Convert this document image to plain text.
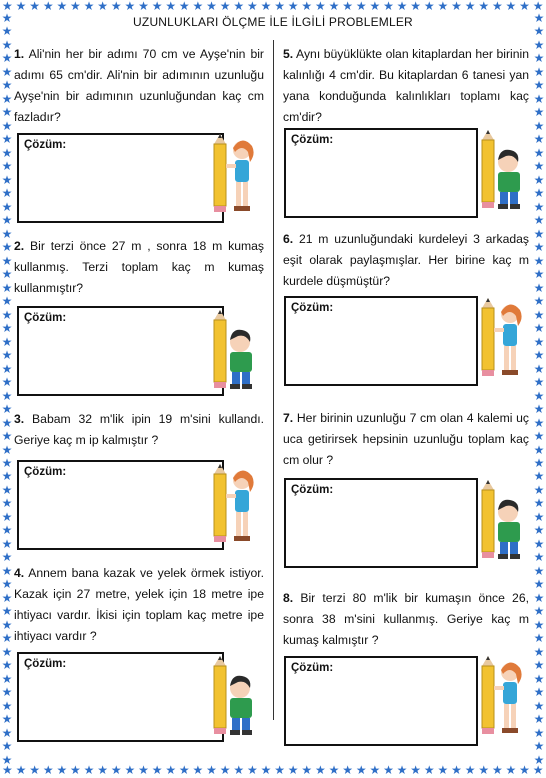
★ ★ ★ ★ ★ ★ ★ ★ ★ ★ ★ ★ ★ ★ ★ ★ ★ ★ ★ ★ ★ ★ ★ ★ ★ ★ ★ ★ ★ ★ ★ ★ ★ ★ ★ ★ ★ ★ ★ ★
★ ★ ★ ★ ★ ★ ★ ★ ★ ★ ★ ★ ★ ★ ★ ★ ★ ★ ★ ★ ★ ★ ★ ★ ★ ★ ★ ★ ★ ★ ★ ★ ★ ★ ★ ★ ★ ★ ★ ★
★
★
★
★
★
★
★
★
★
★
★
★
★
★
★
★
★
★
★
★
★
★
★
★
★
★
★
★
★
★
★
★
★
★
★
★
★
★
★
★
★
★
★
★
★
★
★
★
★
★
★
★
★
★
★
★
★
★
★
★
★
★
★
★
★
★
★
★
★
★
★
★
★
★
★
★
★
★
★
★
★
★
★
★
★
★
★
★
★
★
★
★
★
★
★
★
★
★
★
★
★
★
★
★
★
★
★
★
★
★
★
★
UZUNLUKLARI ÖLÇME İLE İLGİLİ PROBLEMLER
1. Ali'nin her bir adımı 70 cm ve Ayşe'nin bir adımı 65 cm'dir. Ali'nin bir adımının uzunluğu Ayşe'nin bir adımının uzunluğundan kaç cm fazladır?
Çözüm:
2. Bir terzi önce 27 m , sonra 18 m kumaş kullanmış. Terzi toplam kaç m kumaş kullanmıştır?
Çözüm:
3. Babam 32 m'lik ipin 19 m'sini kullandı. Geriye kaç m ip kalmıştır ?
Çözüm:
4. Annem bana kazak ve yelek örmek istiyor. Kazak için 27 metre, yelek için 18 metre ipe ihtiyacı vardır. İkisi için toplam kaç metre ipe ihtiyacı vardır ?
Çözüm:
5. Aynı büyüklükte olan kitaplardan her birinin kalınlığı 4 cm'dir. Bu kitaplardan 6 tanesi yan yana konduğunda kalınlıkları toplamı kaç cm'dir?
Çözüm:
6. 21 m uzunluğundaki kurdeleyi 3 arkadaş eşit olarak paylaşmışlar. Her birine kaç m kurdele düşmüştür?
Çözüm:
7. Her birinin uzunluğu 7 cm olan 4 kalemi uç uca getirirsek hepsinin uzunluğu toplam kaç cm olur ?
Çözüm:
8. Bir terzi 80 m'lik bir kumaşın önce 26, sonra 38 m'sini kullanmış. Geriye kaç m kumaş kalmıştır ?
Çözüm:
